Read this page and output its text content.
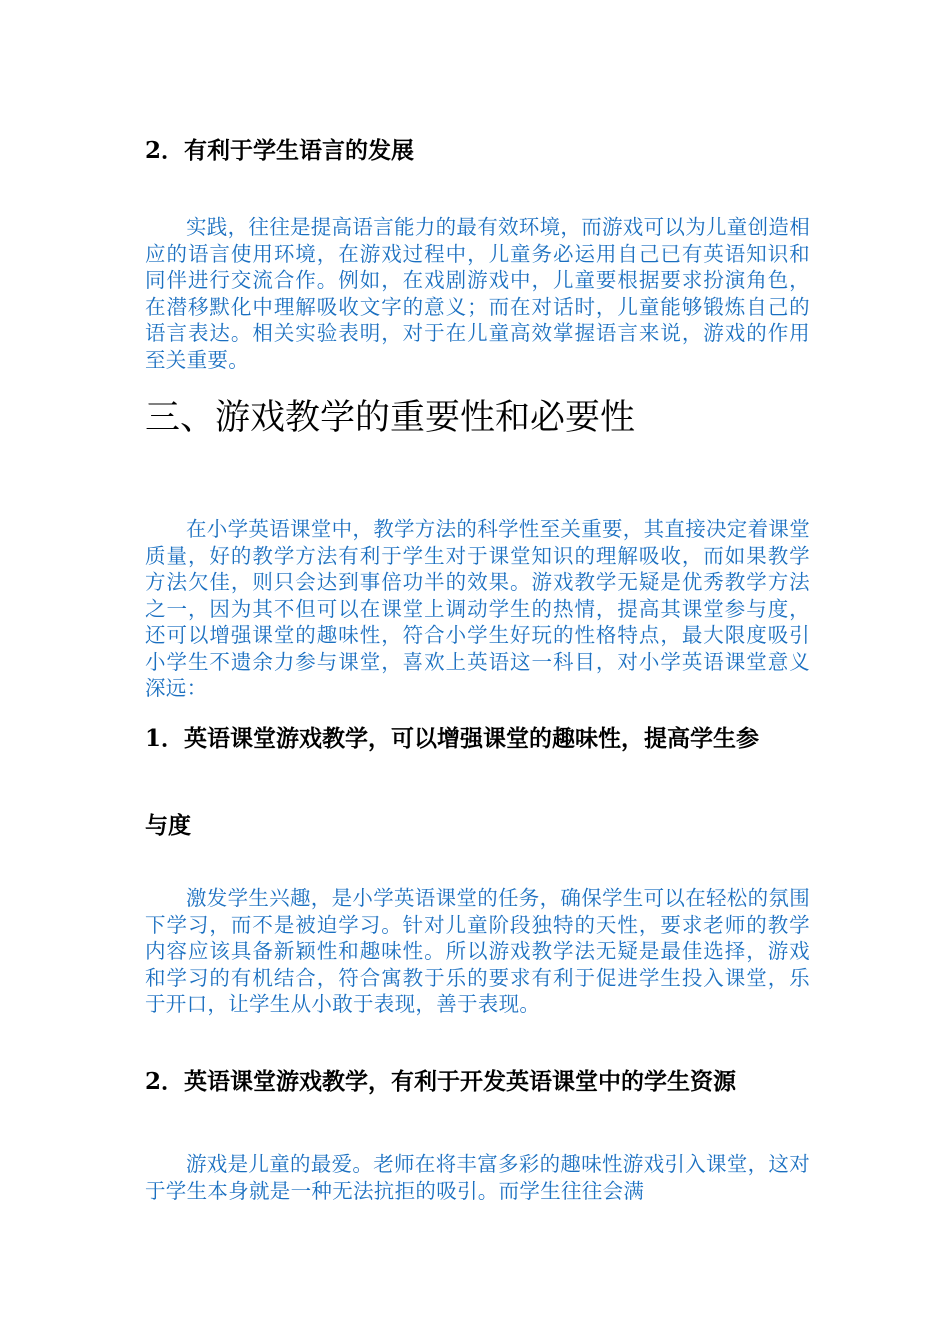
2．有利于学生语言的发展

实践，往往是提高语言能力的最有效环境，而游戏可以为儿童创造相应的语言使用环境，在游戏过程中，儿童务必运用自己已有英语知识和同伴进行交流合作。例如，在戏剧游戏中，儿童要根据要求扮演角色，在潜移默化中理解吸收文字的意义；而在对话时，儿童能够锻炼自己的语言表达。相关实验表明，对于在儿童高效掌握语言来说，游戏的作用至关重要。

三、游戏教学的重要性和必要性

在小学英语课堂中，教学方法的科学性至关重要，其直接决定着课堂质量，好的教学方法有利于学生对于课堂知识的理解吸收，而如果教学方法欠佳，则只会达到事倍功半的效果。游戏教学无疑是优秀教学方法之一，因为其不但可以在课堂上调动学生的热情，提高其课堂参与度，还可以增强课堂的趣味性，符合小学生好玩的性格特点，最大限度吸引小学生不遗余力参与课堂，喜欢上英语这一科目，对小学英语课堂意义深远：

1．英语课堂游戏教学，可以增强课堂的趣味性，提高学生参
与度

激发学生兴趣，是小学英语课堂的任务，确保学生可以在轻松的氛围下学习，而不是被迫学习。针对儿童阶段独特的天性，要求老师的教学内容应该具备新颖性和趣味性。所以游戏教学法无疑是最佳选择，游戏和学习的有机结合，符合寓教于乐的要求有利于促进学生投入课堂，乐于开口，让学生从小敢于表现，善于表现。

2．英语课堂游戏教学，有利于开发英语课堂中的学生资源

游戏是儿童的最爱。老师在将丰富多彩的趣味性游戏引入课堂，这对于学生本身就是一种无法抗拒的吸引。而学生往往会满
